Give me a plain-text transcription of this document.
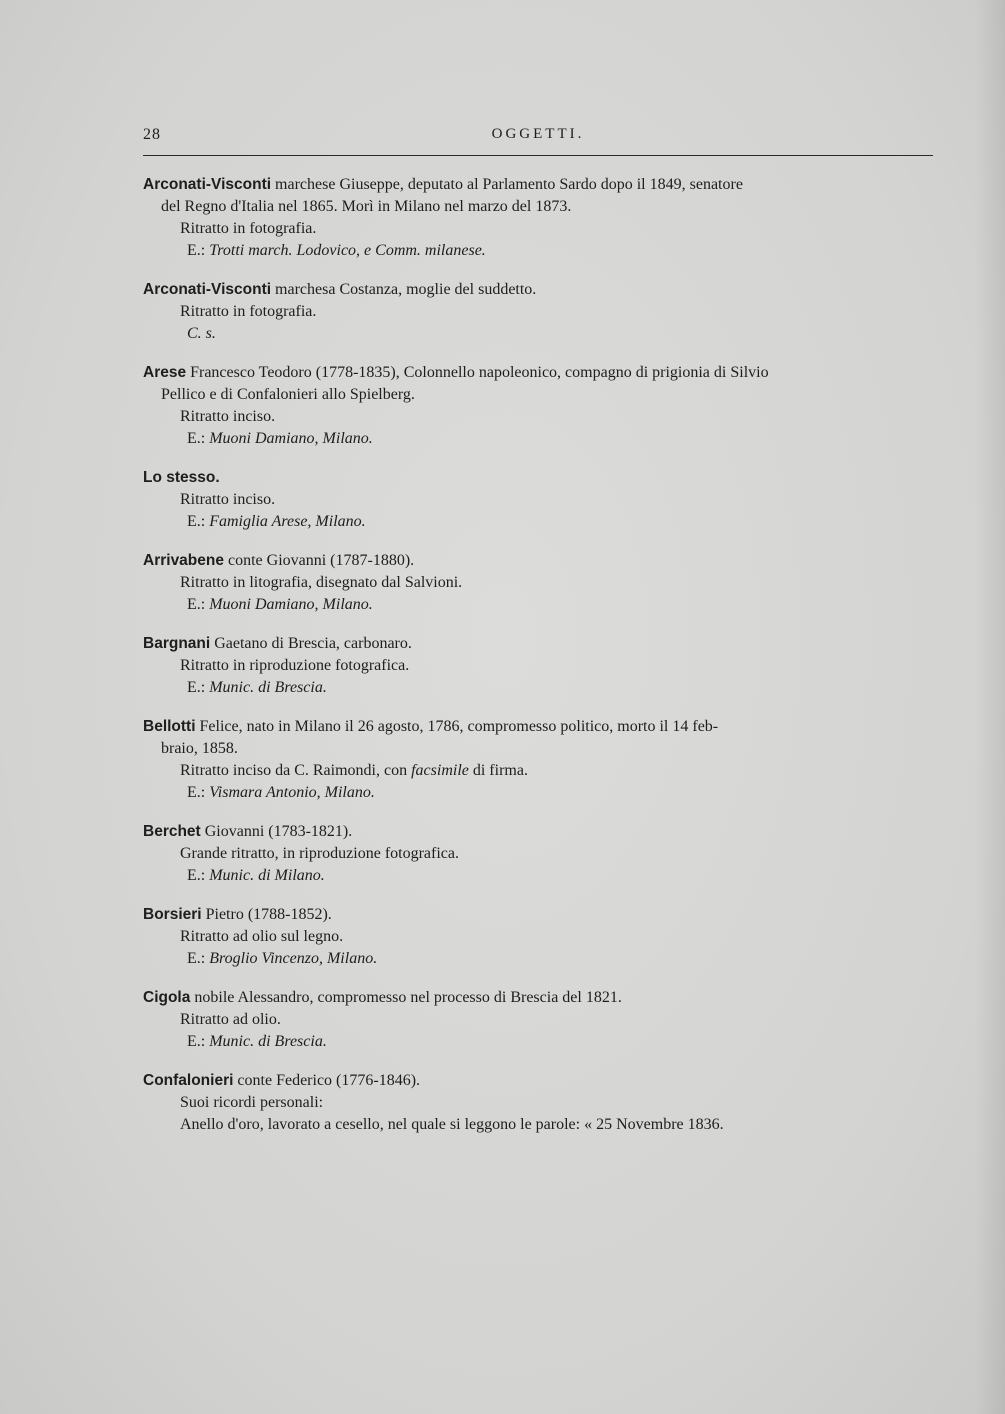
28	OGGETTI.
Arconati-Visconti marchese Giuseppe, deputato al Parlamento Sardo dopo il 1849, senatore
del Regno d'Italia nel 1865. Morì in Milano nel marzo del 1873.
Ritratto in fotografia.
E.: Trotti march. Lodovico, e Comm. milanese.
Arconati-Visconti marchesa Costanza, moglie del suddetto.
Ritratto in fotografia.
C. s.
Arese Francesco Teodoro (1778-1835), Colonnello napoleonico, compagno di prigionia di Silvio
Pellico e di Confalonieri allo Spielberg.
Ritratto inciso.
E.: Muoni Damiano, Milano.
Lo stesso.
Ritratto inciso.
E.: Famiglia Arese, Milano.
Arrivabene conte Giovanni (1787-1880).
Ritratto in litografia, disegnato dal Salvioni.
E.: Muoni Damiano, Milano.
Bargnani Gaetano di Brescia, carbonaro.
Ritratto in riproduzione fotografica.
E.: Munic. di Brescia.
Bellotti Felice, nato in Milano il 26 agosto, 1786, compromesso politico, morto il 14 feb-
braio, 1858.
Ritratto inciso da C. Raimondi, con facsimile di firma.
E.: Vismara Antonio, Milano.
Berchet Giovanni (1783-1821).
Grande ritratto, in riproduzione fotografica.
E.: Munic. di Milano.
Borsieri Pietro (1788-1852).
Ritratto ad olio sul legno.
E.: Broglio Vincenzo, Milano.
Cigola nobile Alessandro, compromesso nel processo di Brescia del 1821.
Ritratto ad olio.
E.: Munic. di Brescia.
Confalonieri conte Federico (1776-1846).
Suoi ricordi personali:
Anello d'oro, lavorato a cesello, nel quale si leggono le parole: « 25 Novembre 1836.
